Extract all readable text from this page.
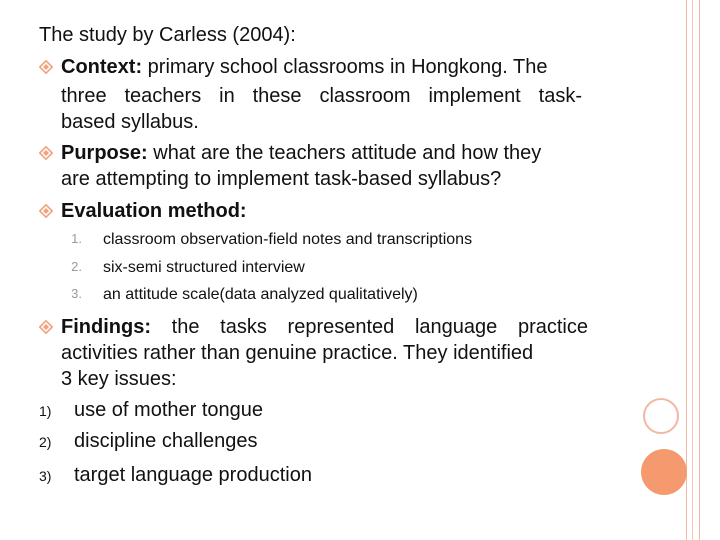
The study by Carless (2004):
Context: primary school classrooms in Hongkong. The
three teachers in these classroom implement task-
based syllabus.
Purpose: what are the teachers attitude and how they
are attempting to implement task-based syllabus?
Evaluation method:
1. classroom observation-field notes and transcriptions
2. six-semi structured interview
3. an attitude scale(data analyzed qualitatively)
Findings: the tasks represented language practice
activities rather than genuine practice. They identified
3 key issues:
1) use of mother tongue
2) discipline challenges
3) target language production
